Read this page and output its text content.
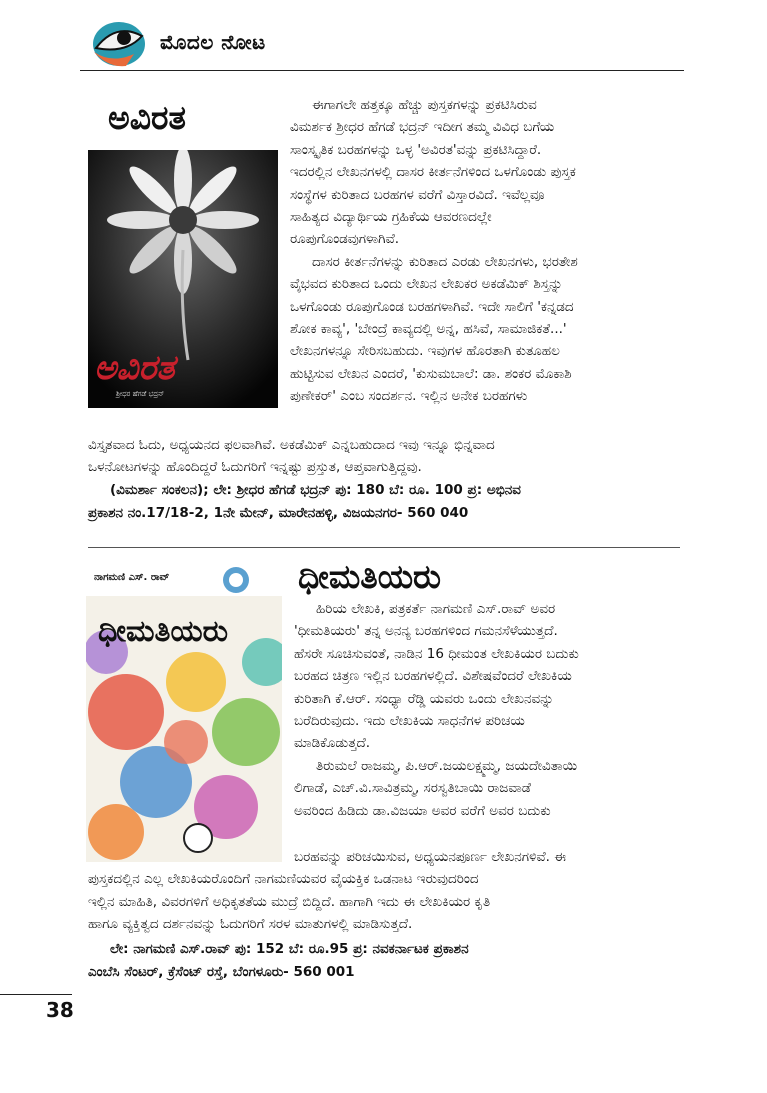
ಮೊದಲ ನೋಟ
ಅವಿರತ
ಅವಿರತ
ಶ್ರೀಧರ ಹೆಗಡೆ ಭದ್ರನ್
ಈಗಾಗಲೇ ಹತ್ತಕ್ಕೂ ಹೆಚ್ಚು ಪುಸ್ತಕಗಳನ್ನು ಪ್ರಕಟಿಸಿರುವ
ವಿಮರ್ಶಕ ಶ್ರೀಧರ ಹೆಗಡೆ ಭದ್ರನ್ ಇದೀಗ ತಮ್ಮ ವಿವಿಧ ಬಗೆಯ
ಸಾಂಸ್ಕೃತಿಕ ಬರಹಗಳನ್ನು ಒಳ್ಳ 'ಅವಿರತ'ವನ್ನು ಪ್ರಕಟಿಸಿದ್ದಾರೆ.
ಇದರಲ್ಲಿನ ಲೇಖನಗಳಲ್ಲಿ ದಾಸರ ಕೀರ್ತನೆಗಳಿಂದ ಒಳಗೊಂಡು ಪುಸ್ತಕ
ಸಂಸ್ಥೆಗಳ ಕುರಿತಾದ ಬರಹಗಳ ವರೆಗೆ ವಿಸ್ತಾರವಿದೆ. ಇವೆಲ್ಲವೂ
ಸಾಹಿತ್ಯದ ವಿದ್ಯಾರ್ಥಿಯ ಗ್ರಹಿಕೆಯ ಆವರಣದಲ್ಲೇ
ರೂಪುಗೊಂಡವುಗಳಾಗಿವೆ.
ದಾಸರ ಕೀರ್ತನೆಗಳನ್ನು ಕುರಿತಾದ ಎರಡು ಲೇಖನಗಳು, ಭರತೇಶ
ವೈಭವದ ಕುರಿತಾದ ಒಂದು ಲೇಖನ ಲೇಖಕರ ಅಕಡೆಮಿಕ್ ಶಿಸ್ತನ್ನು
ಒಳಗೊಂಡು ರೂಪುಗೊಂಡ ಬರಹಗಳಾಗಿವೆ. ಇದೇ ಸಾಲಿಗೆ 'ಕನ್ನಡದ
ಶೋಕ ಕಾವ್ಯ', 'ಬೇಂದ್ರೆ ಕಾವ್ಯದಲ್ಲಿ ಅನ್ನ, ಹಸಿವೆ, ಸಾಮಾಜಿಕತೆ...'
ಲೇಖನಗಳನ್ನೂ ಸೇರಿಸಬಹುದು. ಇವುಗಳ ಹೊರತಾಗಿ ಕುತೂಹಲ
ಹುಟ್ಟಿಸುವ ಲೇಖನ ಎಂದರೆ, 'ಕುಸುಮಬಾಲೆ: ಡಾ. ಶಂಕರ ಮೊಕಾಶಿ
ಪುಣೇಕರ್' ಎಂಬ ಸಂದರ್ಶನ. ಇಲ್ಲಿನ ಅನೇಕ ಬರಹಗಳು
ವಿಸ್ತೃತವಾದ ಓದು, ಅಧ್ಯಯನದ ಫಲವಾಗಿವೆ. ಅಕಡೆಮಿಕ್ ಎನ್ನಬಹುದಾದ ಇವು ಇನ್ನೂ ಭಿನ್ನವಾದ
ಒಳನೋಟಗಳನ್ನು ಹೊಂದಿದ್ದರೆ ಓದುಗರಿಗೆ ಇನ್ನಷ್ಟು ಪ್ರಸ್ತುತ, ಆಪ್ತವಾಗುತ್ತಿದ್ದವು.
(ವಿಮರ್ಶಾ ಸಂಕಲನ); ಲೇ: ಶ್ರೀಧರ ಹೆಗಡೆ ಭದ್ರನ್ ಪು: 180 ಬೆ: ರೂ. 100 ಪ್ರ: ಅಭಿನವ
ಪ್ರಕಾಶನ ನಂ.17/18-2, 1ನೇ ಮೇನ್, ಮಾರೇನಹಳ್ಳಿ, ವಿಜಯನಗರ- 560 040
ನಾಗಮಣಿ ಎಸ್. ರಾವ್
ಧೀಮತಿಯರು
ಧೀಮತಿಯರು
ಹಿರಿಯ ಲೇಖಕಿ, ಪತ್ರಕರ್ತೆ ನಾಗಮಣಿ ಎಸ್.ರಾವ್ ಅವರ
'ಧೀಮತಿಯರು' ತನ್ನ ಅನನ್ಯ ಬರಹಗಳಿಂದ ಗಮನಸೆಳೆಯುತ್ತದೆ.
ಹೆಸರೇ ಸೂಚಿಸುವಂತೆ, ನಾಡಿನ 16 ಧೀಮಂತ ಲೇಖಕಿಯರ ಬದುಕು
ಬರಹದ ಚಿತ್ರಣ ಇಲ್ಲಿನ ಬರಹಗಳಲ್ಲಿದೆ. ವಿಶೇಷವೆಂದರೆ ಲೇಖಕಿಯ
ಕುರಿತಾಗಿ ಕೆ.ಆರ್. ಸಂಧ್ಯಾ ರೆಡ್ಡಿ ಯವರು ಒಂದು ಲೇಖನವನ್ನು
ಬರೆದಿರುವುದು. ಇದು ಲೇಖಕಿಯ ಸಾಧನೆಗಳ ಪರಿಚಯ
ಮಾಡಿಕೊಡುತ್ತದೆ.
ತಿರುಮಲೆ ರಾಜಮ್ಮ, ಪಿ.ಆರ್.ಜಯಲಕ್ಷ್ಮಮ್ಮ, ಜಯದೇವಿತಾಯಿ
ಲಿಗಾಡೆ, ಎಚ್.ವಿ.ಸಾವಿತ್ರಮ್ಮ, ಸರಸ್ವತಿಬಾಯಿ ರಾಜವಾಡೆ
ಅವರಿಂದ ಹಿಡಿದು ಡಾ.ವಿಜಯಾ ಅವರ ವರೆಗೆ ಅವರ ಬದುಕು
ಬರಹವನ್ನು ಪರಿಚಯಿಸುವ, ಅಧ್ಯಯನಪೂರ್ಣ ಲೇಖನಗಳಿವೆ. ಈ
ಪುಸ್ತಕದಲ್ಲಿನ ಎಲ್ಲ ಲೇಖಕಿಯರೊಂದಿಗೆ ನಾಗಮಣಿಯವರ ವೈಯಕ್ತಿಕ ಒಡನಾಟ ಇರುವುದರಿಂದ
ಇಲ್ಲಿನ ಮಾಹಿತಿ, ವಿವರಗಳಿಗೆ ಅಧಿಕೃತತೆಯ ಮುದ್ರೆ ಬಿದ್ದಿದೆ. ಹಾಗಾಗಿ ಇದು ಈ ಲೇಖಕಿಯರ ಕೃತಿ
ಹಾಗೂ ವ್ಯಕ್ತಿತ್ವದ ದರ್ಶನವನ್ನು ಓದುಗರಿಗೆ ಸರಳ ಮಾತುಗಳಲ್ಲಿ ಮಾಡಿಸುತ್ತದೆ.
ಲೇ: ನಾಗಮಣಿ ಎಸ್.ರಾವ್ ಪು: 152 ಬೆ: ರೂ.95 ಪ್ರ: ನವಕರ್ನಾಟಕ ಪ್ರಕಾಶನ
ಎಂಬೆಸಿ ಸೆಂಟರ್, ಕ್ರೆಸೆಂಟ್ ರಸ್ತೆ, ಬೆಂಗಳೂರು- 560 001
38
